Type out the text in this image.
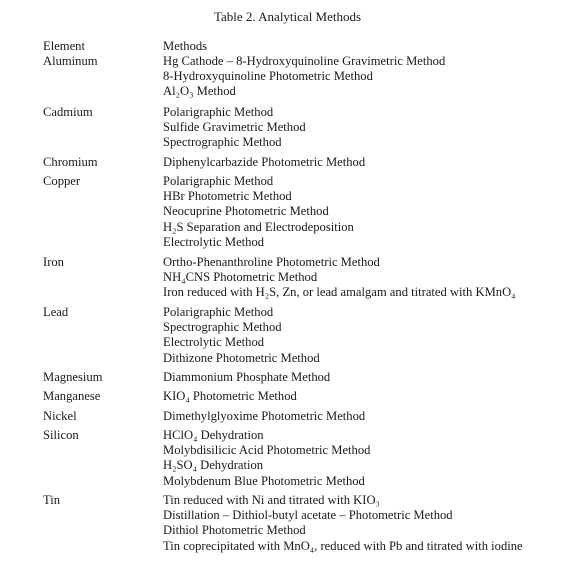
Table 2. Analytical Methods
Element	Methods
Aluminum	Hg Cathode – 8-Hydroxyquinoline Gravimetric Method
8-Hydroxyquinoline Photometric Method
Al₂O₃ Method
Cadmium	Polarigraphic Method
Sulfide Gravimetric Method
Spectrographic Method
Chromium	Diphenylcarbazide Photometric Method
Copper	Polarigraphic Method
HBr Photometric Method
Neocuprine Photometric Method
H₂S Separation and Electrodeposition
Electrolytic Method
Iron	Ortho-Phenanthroline Photometric Method
NH₄CNS Photometric Method
Iron reduced with H₂S, Zn, or lead amalgam and titrated with KMnO₄
Lead	Polarigraphic Method
Spectrographic Method
Electrolytic Method
Dithizone Photometric Method
Magnesium	Diammonium Phosphate Method
Manganese	KIO₄ Photometric Method
Nickel	Dimethylglyoxime Photometric Method
Silicon	HClO₄ Dehydration
Molybdisilicic Acid Photometric Method
H₂SO₄ Dehydration
Molybdenum Blue Photometric Method
Tin	Tin reduced with Ni and titrated with KIO₃
Distillation – Dithiol-butyl acetate – Photometric Method
Dithiol Photometric Method
Tin coprecipitated with MnO₄, reduced with Pb and titrated with iodine
